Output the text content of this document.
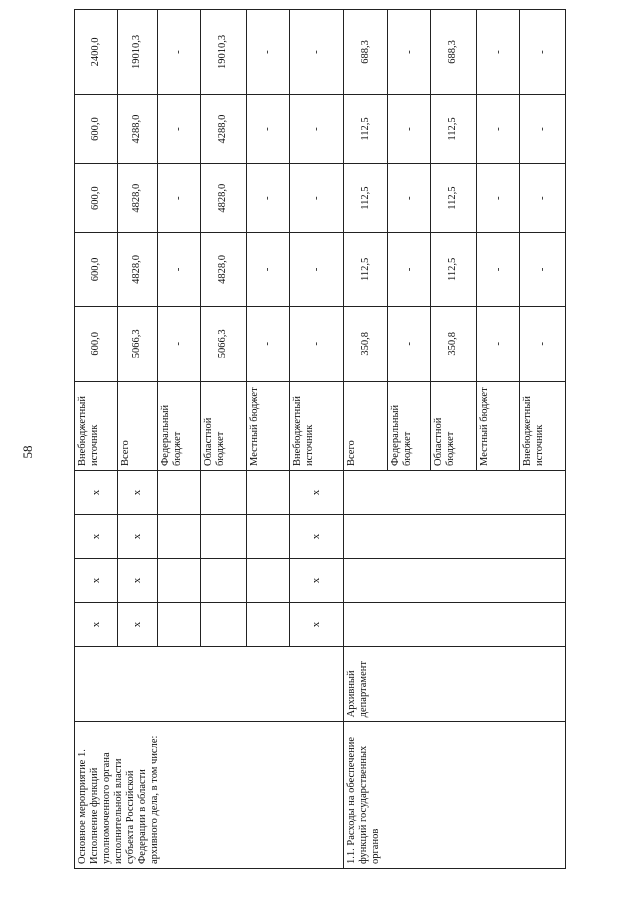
58
Основное мероприятие 1. Исполнение функций уполномоченного органа исполнительной власти субъекта Российской Федерации в области архивного дела, в том числе:		x	x	x	x	Внебюджетный источник	600,0	600,0	600,0	600,0	2400,0
		x	x	x	x	Всего	5066,3	4828,0	4828,0	4288,0	19010,3
						Федеральный бюджет	-	-	-	-	-
						Областной бюджет	5066,3	4828,0	4828,0	4288,0	19010,3
						Местный бюджет	-	-	-	-	-
		x	x	x	x	Внебюджетный источник	-	-	-	-	-
1.1. Расходы на обеспечение функций государственных органов	Архивный департамент					Всего	350,8	112,5	112,5	112,5	688,3
						Федеральный бюджет	-	-	-	-	-
						Областной бюджет	350,8	112,5	112,5	112,5	688,3
						Местный бюджет	-	-	-	-	-
						Внебюджетный источник	-	-	-	-	-
